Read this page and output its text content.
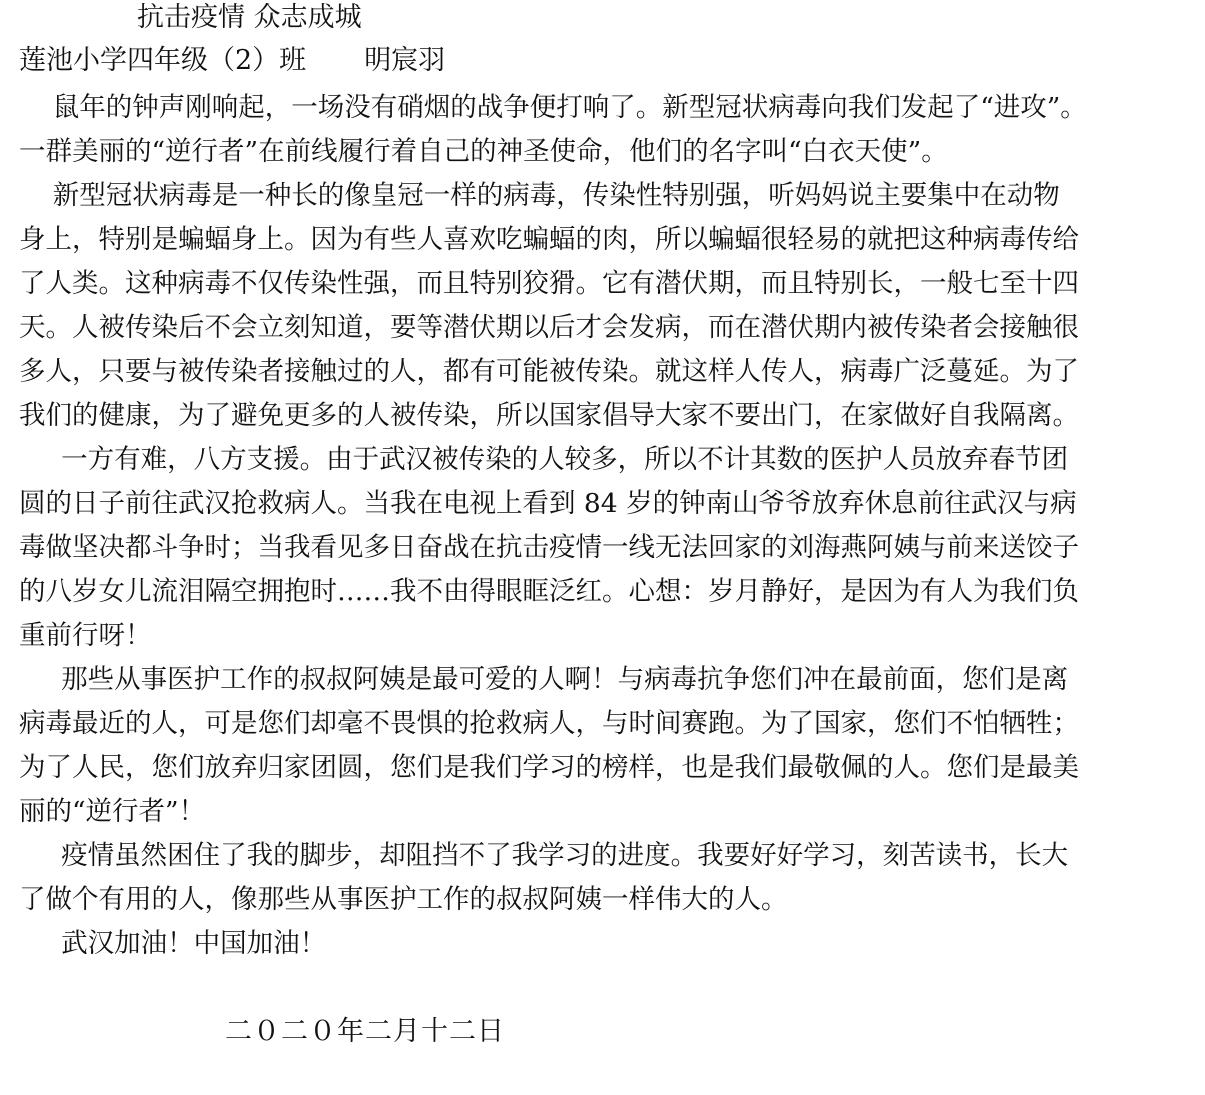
抗击疫情 众志成城
莲池小学四年级（2）班 明宸羽
鼠年的钟声刚响起，一场没有硝烟的战争便打响了。新型冠状病毒向我们发起了“进攻”。
一群美丽的“逆行者”在前线履行着自己的神圣使命，他们的名字叫“白衣天使”。
新型冠状病毒是一种长的像皇冠一样的病毒，传染性特别强，听妈妈说主要集中在动物
身上，特别是蝙蝠身上。因为有些人喜欢吃蝙蝠的肉，所以蝙蝠很轻易的就把这种病毒传给
了人类。这种病毒不仅传染性强，而且特别狡猾。它有潜伏期，而且特别长，一般七至十四
天。人被传染后不会立刻知道，要等潜伏期以后才会发病，而在潜伏期内被传染者会接触很
多人，只要与被传染者接触过的人，都有可能被传染。就这样人传人，病毒广泛蔓延。为了
我们的健康，为了避免更多的人被传染，所以国家倡导大家不要出门，在家做好自我隔离。
一方有难，八方支援。由于武汉被传染的人较多，所以不计其数的医护人员放弃春节团
圆的日子前往武汉抢救病人。当我在电视上看到 84 岁的钟南山爷爷放弃休息前往武汉与病
毒做坚决都斗争时；当我看见多日奋战在抗击疫情一线无法回家的刘海燕阿姨与前来送饺子
的八岁女儿流泪隔空拥抱时……我不由得眼眶泛红。心想：岁月静好，是因为有人为我们负
重前行呀！
那些从事医护工作的叔叔阿姨是最可爱的人啊！与病毒抗争您们冲在最前面，您们是离
病毒最近的人，可是您们却毫不畏惧的抢救病人，与时间赛跑。为了国家，您们不怕牺牲；
为了人民，您们放弃归家团圆，您们是我们学习的榜样，也是我们最敬佩的人。您们是最美
丽的“逆行者”！
疫情虽然困住了我的脚步，却阻挡不了我学习的进度。我要好好学习，刻苦读书，长大
了做个有用的人，像那些从事医护工作的叔叔阿姨一样伟大的人。
武汉加油！中国加油！
二０二０年二月十二日
